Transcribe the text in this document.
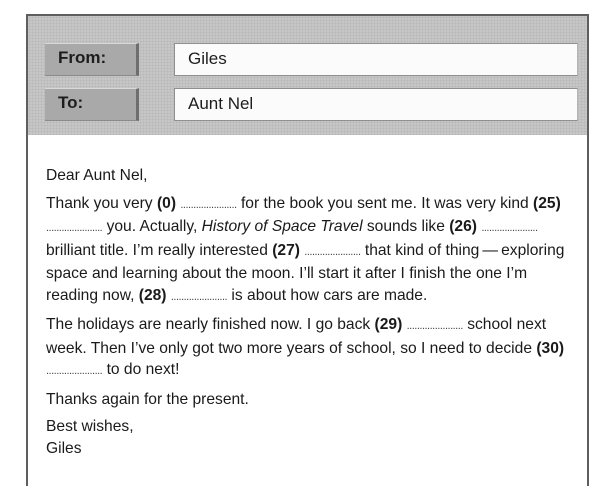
From:	Giles
To:	Aunt Nel

Dear Aunt Nel,

Thank you very (0) ...................... for the book you sent me. It was very kind (25) ...................... you. Actually, History of Space Travel sounds like (26) ...................... brilliant title. I’m really interested (27) ...................... that kind of thing — exploring space and learning about the moon. I’ll start it after I finish the one I’m reading now, (28) ...................... is about how cars are made.

The holidays are nearly finished now. I go back (29) ...................... school next week. Then I’ve only got two more years of school, so I need to decide (30) ...................... to do next!

Thanks again for the present.

Best wishes,

Giles
